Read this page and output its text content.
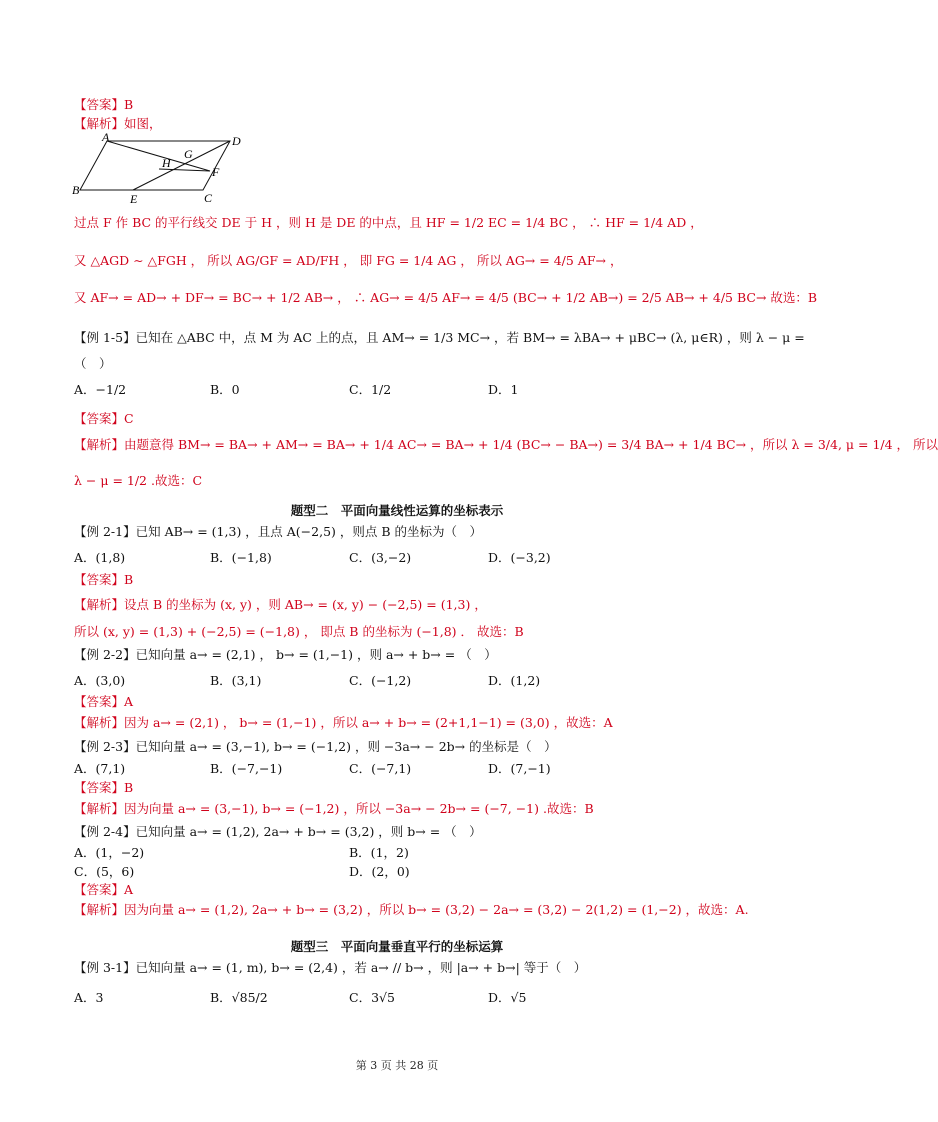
【答案】B
【解析】如图，
A	D
B
C
E
F
G
H
过点 F 作 BC 的平行线交 DE 于 H ，则 H 是 DE 的中点，且 HF = 1/2 EC = 1/4 BC ， ∴ HF = 1/4 AD ，
又 △AGD ∼ △FGH ， 所以 AG/GF = AD/FH ， 即 FG = 1/4 AG ， 所以 AG→ = 4/5 AF→ ，
又 AF→ = AD→ + DF→ = BC→ + 1/2 AB→ ， ∴ AG→ = 4/5 AF→ = 4/5 (BC→ + 1/2 AB→) = 2/5 AB→ + 4/5 BC→ 故选：B
【例 1-5】已知在 △ABC 中，点 M 为 AC 上的点，且 AM→ = 1/3 MC→ ，若 BM→ = λBA→ + μBC→ (λ, μ∈R) ，则 λ − μ =
（　）
A．−1/2	B．0	C．1/2	D．1
【答案】C
【解析】由题意得 BM→ = BA→ + AM→ = BA→ + 1/4 AC→ = BA→ + 1/4 (BC→ − BA→) = 3/4 BA→ + 1/4 BC→ ，所以 λ = 3/4, μ = 1/4 ， 所以
λ − μ = 1/2 .故选：C
题型二　平面向量线性运算的坐标表示
【例 2-1】已知 AB→ = (1,3) ，且点 A(−2,5) ，则点 B 的坐标为（　）
A．(1,8)	B．(−1,8)	C．(3,−2)	D．(−3,2)
【答案】B
【解析】设点 B 的坐标为 (x, y) ，则 AB→ = (x, y) − (−2,5) = (1,3) ，
所以 (x, y) = (1,3) + (−2,5) = (−1,8) ， 即点 B 的坐标为 (−1,8) ． 故选：B
【例 2-2】已知向量 a→ = (2,1) ， b→ = (1,−1) ，则 a→ + b→ = （　）
A．(3,0)	B．(3,1)	C．(−1,2)	D．(1,2)
【答案】A
【解析】因为 a→ = (2,1) ， b→ = (1,−1) ，所以 a→ + b→ = (2+1,1−1) = (3,0) ，故选：A
【例 2-3】已知向量 a→ = (3,−1), b→ = (−1,2) ，则 −3a→ − 2b→ 的坐标是（　）
A．(7,1)	B．(−7,−1)	C．(−7,1)	D．(7,−1)
【答案】B
【解析】因为向量 a→ = (3,−1), b→ = (−1,2) ，所以 −3a→ − 2b→ = (−7, −1) .故选：B
【例 2-4】已知向量 a→ = (1,2), 2a→ + b→ = (3,2) ，则 b→ = （　）
A．(1，−2)	B．(1，2)
C．(5，6)	D．(2，0)
【答案】A
【解析】因为向量 a→ = (1,2), 2a→ + b→ = (3,2) ，所以 b→ = (3,2) − 2a→ = (3,2) − 2(1,2) = (1,−2) ，故选：A.
题型三　平面向量垂直平行的坐标运算
【例 3-1】已知向量 a→ = (1, m), b→ = (2,4) ，若 a→ // b→ ，则 |a→ + b→| 等于（　）
A．3	B．√85/2	C．3√5	D．√5
第 3 页 共 28 页
